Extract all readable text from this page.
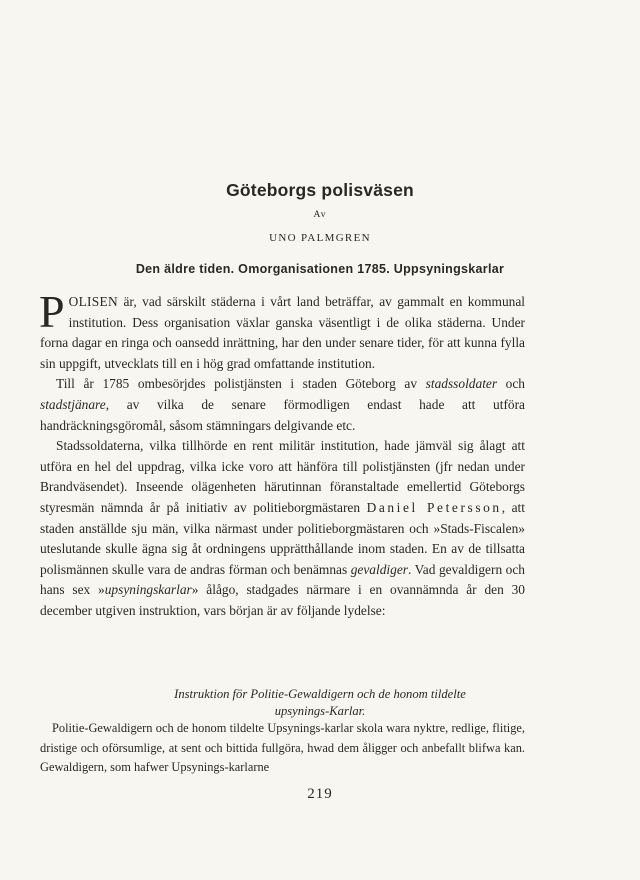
Göteborgs polisväsen
Av
UNO PALMGREN
Den äldre tiden. Omorganisationen 1785. Uppsyningskarlar

POLISEN är, vad särskilt städerna i vårt land beträffar, av gammalt en kommunal institution. Dess organisation växlar ganska väsentligt i de olika städerna. Under forna dagar en ringa och oansedd inrättning, har den under senare tider, för att kunna fylla sin uppgift, utvecklats till en i hög grad omfattande institution.

Till år 1785 ombesörjdes polistjänsten i staden Göteborg av stadssoldater och stadstjänare, av vilka de senare förmodligen endast hade att utföra handräckningsgöromål, såsom stämningars delgivande etc.

Stadssoldaterna, vilka tillhörde en rent militär institution, hade jämväl sig ålagt att utföra en hel del uppdrag, vilka icke voro att hänföra till polistjänsten (jfr nedan under Brandväsendet). Inseende olägenheten härutinnan föranstaltade emellertid Göteborgs styresmän nämnda år på initiativ av politieborgmästaren Daniel Petersson, att staden anställde sju män, vilka närmast under politieborgmästaren och »Stads-Fiscalen» uteslutande skulle ägna sig åt ordningens upprätthållande inom staden. En av de tillsatta polismännen skulle vara de andras förman och benämnas gevaldiger. Vad gevaldigern och hans sex »upsyningskarlar» ålågo, stadgades närmare i en ovannämnda år den 30 december utgiven instruktion, vars början är av följande lydelse:

Instruktion för Politie-Gewaldigern och de honom tildelte
upsynings-Karlar.
Politie-Gewaldigern och de honom tildelte Upsynings-karlar skola wara nyktre, redlige, flitige, dristige och oförsumlige, at sent och bittida fullgöra, hwad dem åligger och anbefallt blifwa kan. Gewaldigern, som hafwer Upsynings-karlarne
219
